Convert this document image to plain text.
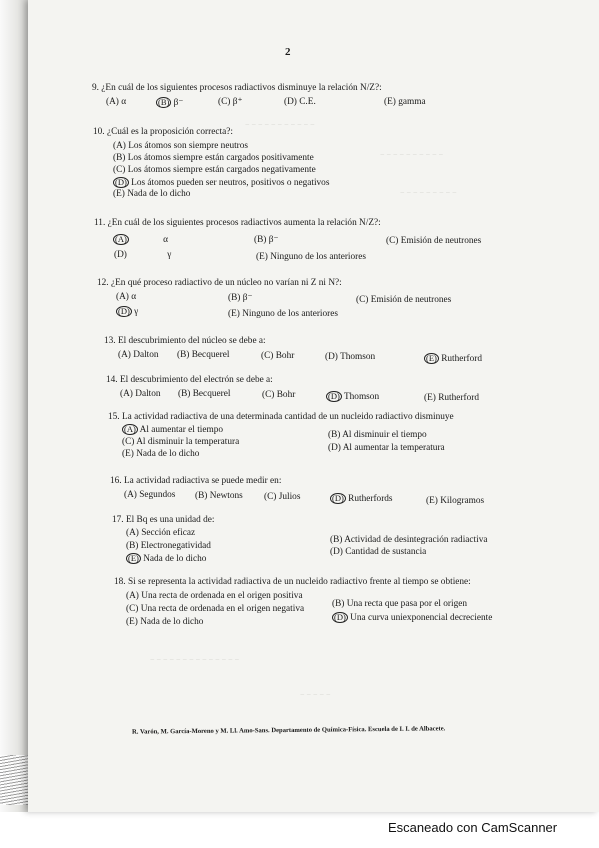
− − − − − − − − − − −
− − − − − − − − − −
− − − − − − − − −
− − − − − − − − − − − − − −
− − − − −
2
9. ¿En cuál de los siguientes procesos radiactivos disminuye la relación N/Z?:
(A) α	(B) β⁻	(C) β⁺	(D) C.E.	(E) gamma
10. ¿Cuál es la proposición correcta?:
(A) Los átomos son siempre neutros
(B) Los átomos siempre están cargados positivamente
(C) Los átomos siempre están cargados negativamente
(D) Los átomos pueden ser neutros, positivos o negativos
(E) Nada de lo dicho
11. ¿En cuál de los siguientes procesos radiactivos aumenta la relación N/Z?:
(A)	α	(B) β⁻	(C) Emisión de neutrones
(D)	γ	(E) Ninguno de los anteriores
12. ¿En qué proceso radiactivo de un núcleo no varían ni Z ni N?:
(A) α	(B) β⁻	(C) Emisión de neutrones
(D) γ	(E) Ninguno de los anteriores
13. El descubrimiento del núcleo se debe a:
(A) Dalton (B) Becquerel	(C) Bohr	(D) Thomson	(E) Rutherford
14. El descubrimiento del electrón se debe a:
(A) Dalton (B) Becquerel	(C) Bohr	(D) Thomson	(E) Rutherford
15. La actividad radiactiva de una determinada cantidad de un nucleido radiactivo disminuye
(A) Al aumentar el tiempo	(B) Al disminuir el tiempo
(C) Al disminuir la temperatura
(D) Al aumentar la temperatura
(E) Nada de lo dicho
16. La actividad radiactiva se puede medir en:
(A) Segundos (B) Newtons (C) Julios	(D) Rutherfords	(E) Kilogramos
17. El Bq es una unidad de:
(A) Sección eficaz
(B) Actividad de desintegración radiactiva
(B) Electronegatividad
(D) Cantidad de sustancia
(E) Nada de lo dicho
18. Si se representa la actividad radiactiva de un nucleido radiactivo frente al tiempo se obtiene:
(A) Una recta de ordenada en el origen positiva
(B) Una recta que pasa por el origen
(C) Una recta de ordenada en el origen negativa
(D) Una curva uniexponencial decreciente
(E) Nada de lo dicho
R. Varón, M. García-Moreno y M. Ll. Amo-Sans. Departamento de Química-Física. Escuela de I. I. de Albacete.
Escaneado con CamScanner
